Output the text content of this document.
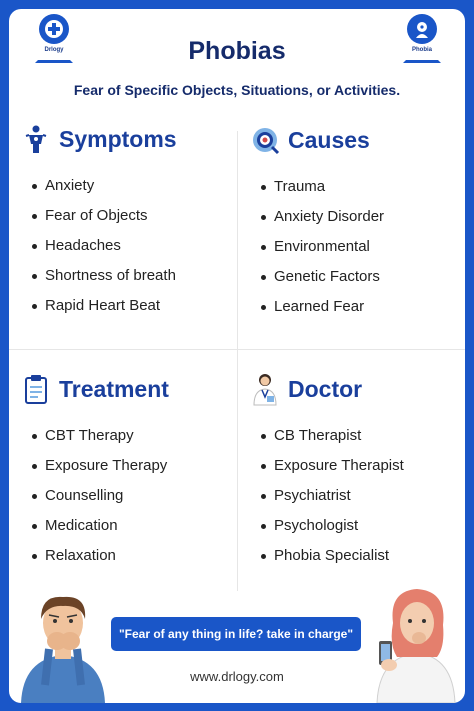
Drlogy	Phobia
Phobias
Fear of Specific Objects, Situations, or Activities.
Symptoms
Anxiety
Fear of Objects
Headaches
Shortness of breath
Rapid Heart Beat
Causes
Trauma
Anxiety Disorder
Environmental
Genetic Factors
Learned Fear
Treatment
CBT Therapy
Exposure Therapy
Counselling
Medication
Relaxation
Doctor
CB Therapist
Exposure Therapist
Psychiatrist
Psychologist
Phobia Specialist
"Fear of any thing in life? take in charge"
www.drlogy.com
